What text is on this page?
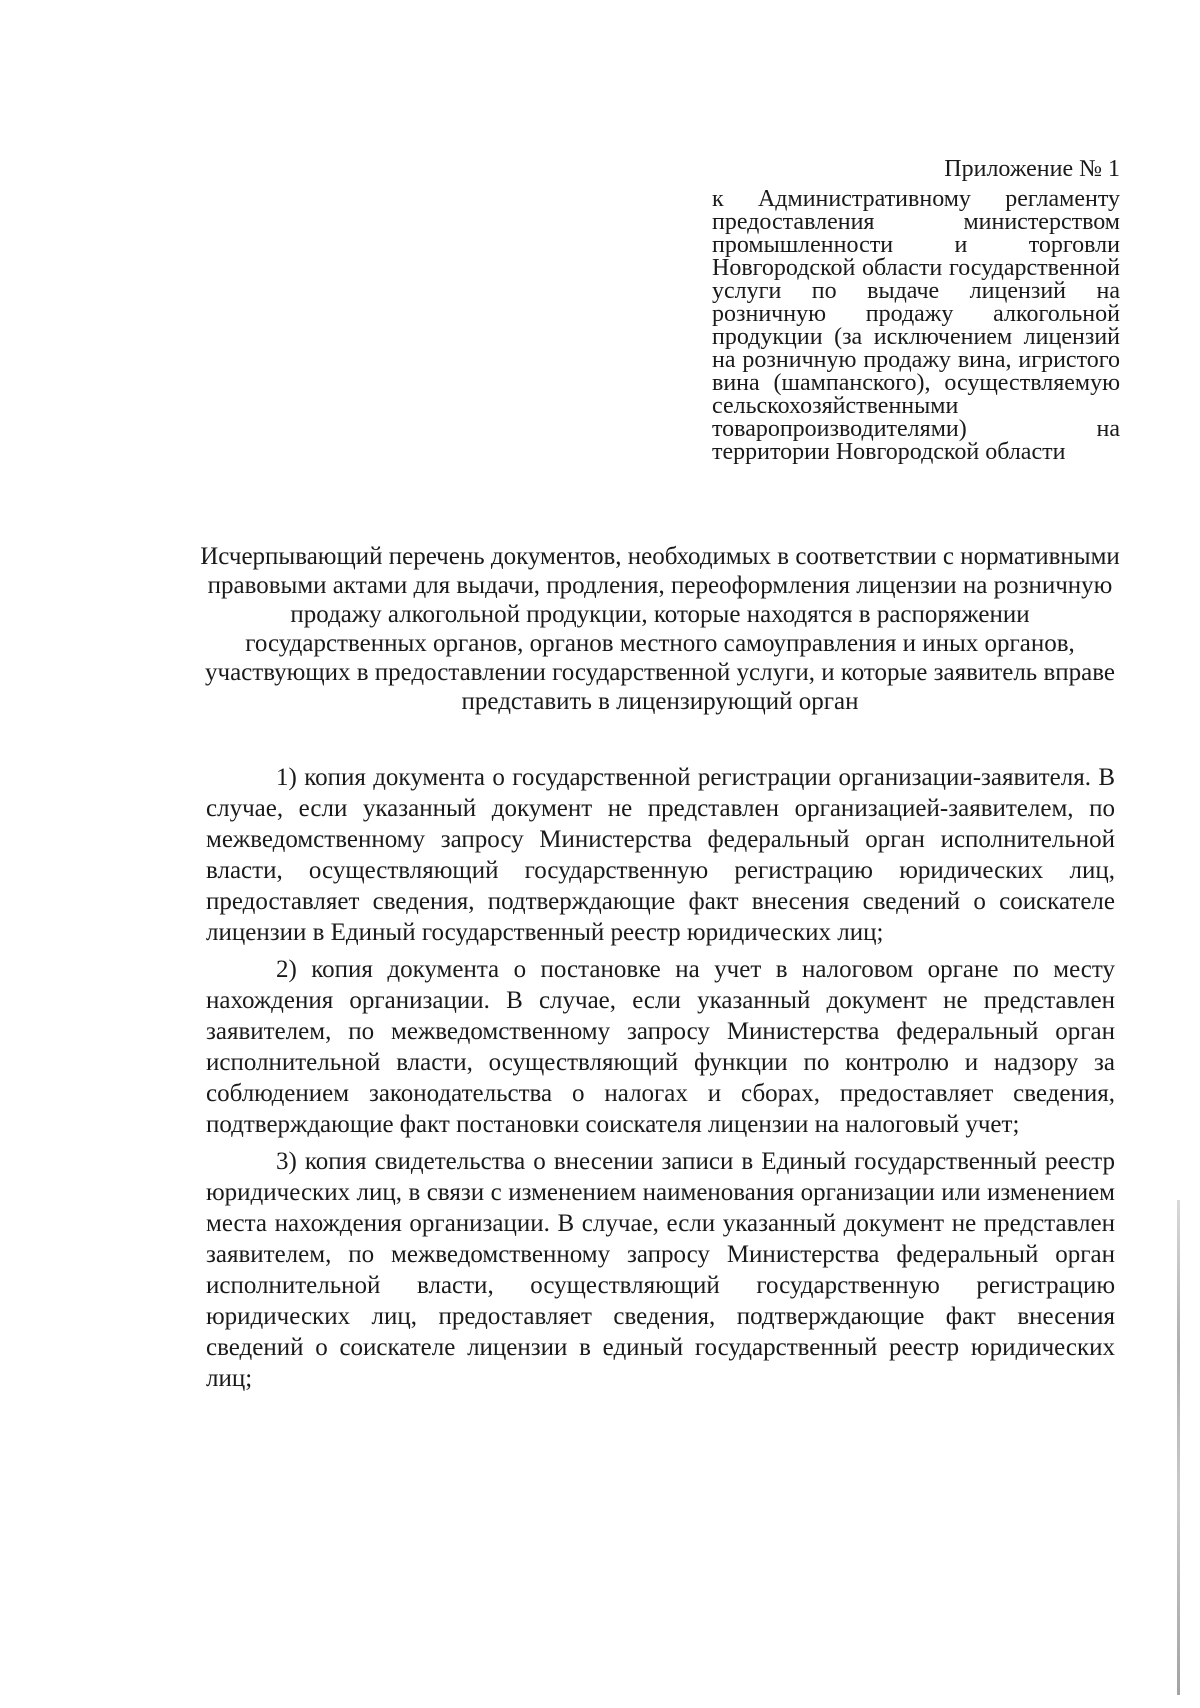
Приложение № 1

к Административному регламенту предоставления министерством промышленности и торговли Новгородской области государственной услуги по выдаче лицензий на розничную продажу алкогольной продукции (за исключением лицензий на розничную продажу вина, игристого вина (шампанского), осуществляемую сельскохозяйственными товаропроизводителями) на территории Новгородской области

Исчерпывающий перечень документов, необходимых в соответствии с нормативными правовыми актами для выдачи, продления, переоформления лицензии на розничную продажу алкогольной продукции, которые находятся в распоряжении государственных органов, органов местного самоуправления и иных органов, участвующих в предоставлении государственной услуги, и которые заявитель вправе представить в лицензирующий орган

1) копия документа о государственной регистрации организации-заявителя. В случае, если указанный документ не представлен организацией-заявителем, по межведомственному запросу Министерства федеральный орган исполнительной власти, осуществляющий государственную регистрацию юридических лиц, предоставляет сведения, подтверждающие факт внесения сведений о соискателе лицензии в Единый государственный реестр юридических лиц;

2) копия документа о постановке на учет в налоговом органе по месту нахождения организации. В случае, если указанный документ не представлен заявителем, по межведомственному запросу Министерства федеральный орган исполнительной власти, осуществляющий функции по контролю и надзору за соблюдением законодательства о налогах и сборах, предоставляет сведения, подтверждающие факт постановки соискателя лицензии на налоговый учет;

3) копия свидетельства о внесении записи в Единый государственный реестр юридических лиц, в связи с изменением наименования организации или изменением места нахождения организации. В случае, если указанный документ не представлен заявителем, по межведомственному запросу Министерства федеральный орган исполнительной власти, осуществляющий государственную регистрацию юридических лиц, предоставляет сведения, подтверждающие факт внесения сведений о соискателе лицензии в единый государственный реестр юридических лиц;
